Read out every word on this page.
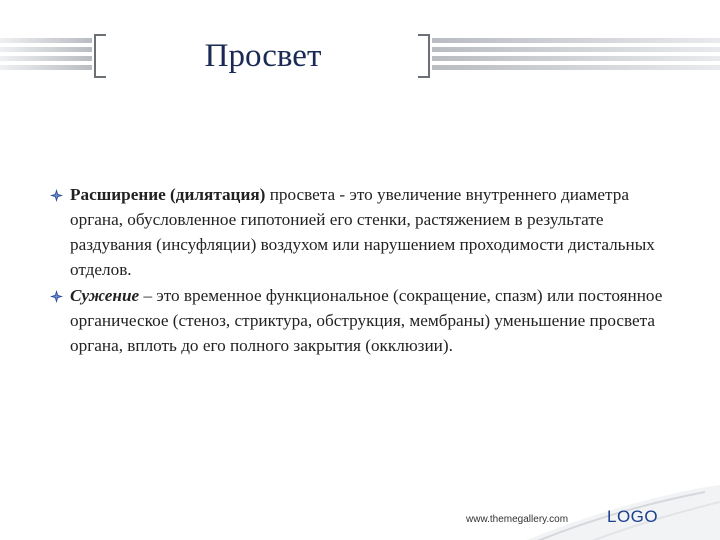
Просвет
Расширение (дилятация) просвета - это увеличение внутреннего диаметра органа, обусловленное гипотонией его стенки, растяжением в результате раздувания (инсуфляции) воздухом или нарушением проходимости дистальных отделов.
Сужение – это временное функциональное (сокращение, спазм) или постоянное органическое (стеноз, стриктура, обструкция, мембраны) уменьшение просвета органа, вплоть до его полного закрытия (окклюзии).
www.themegallery.com LOGO
